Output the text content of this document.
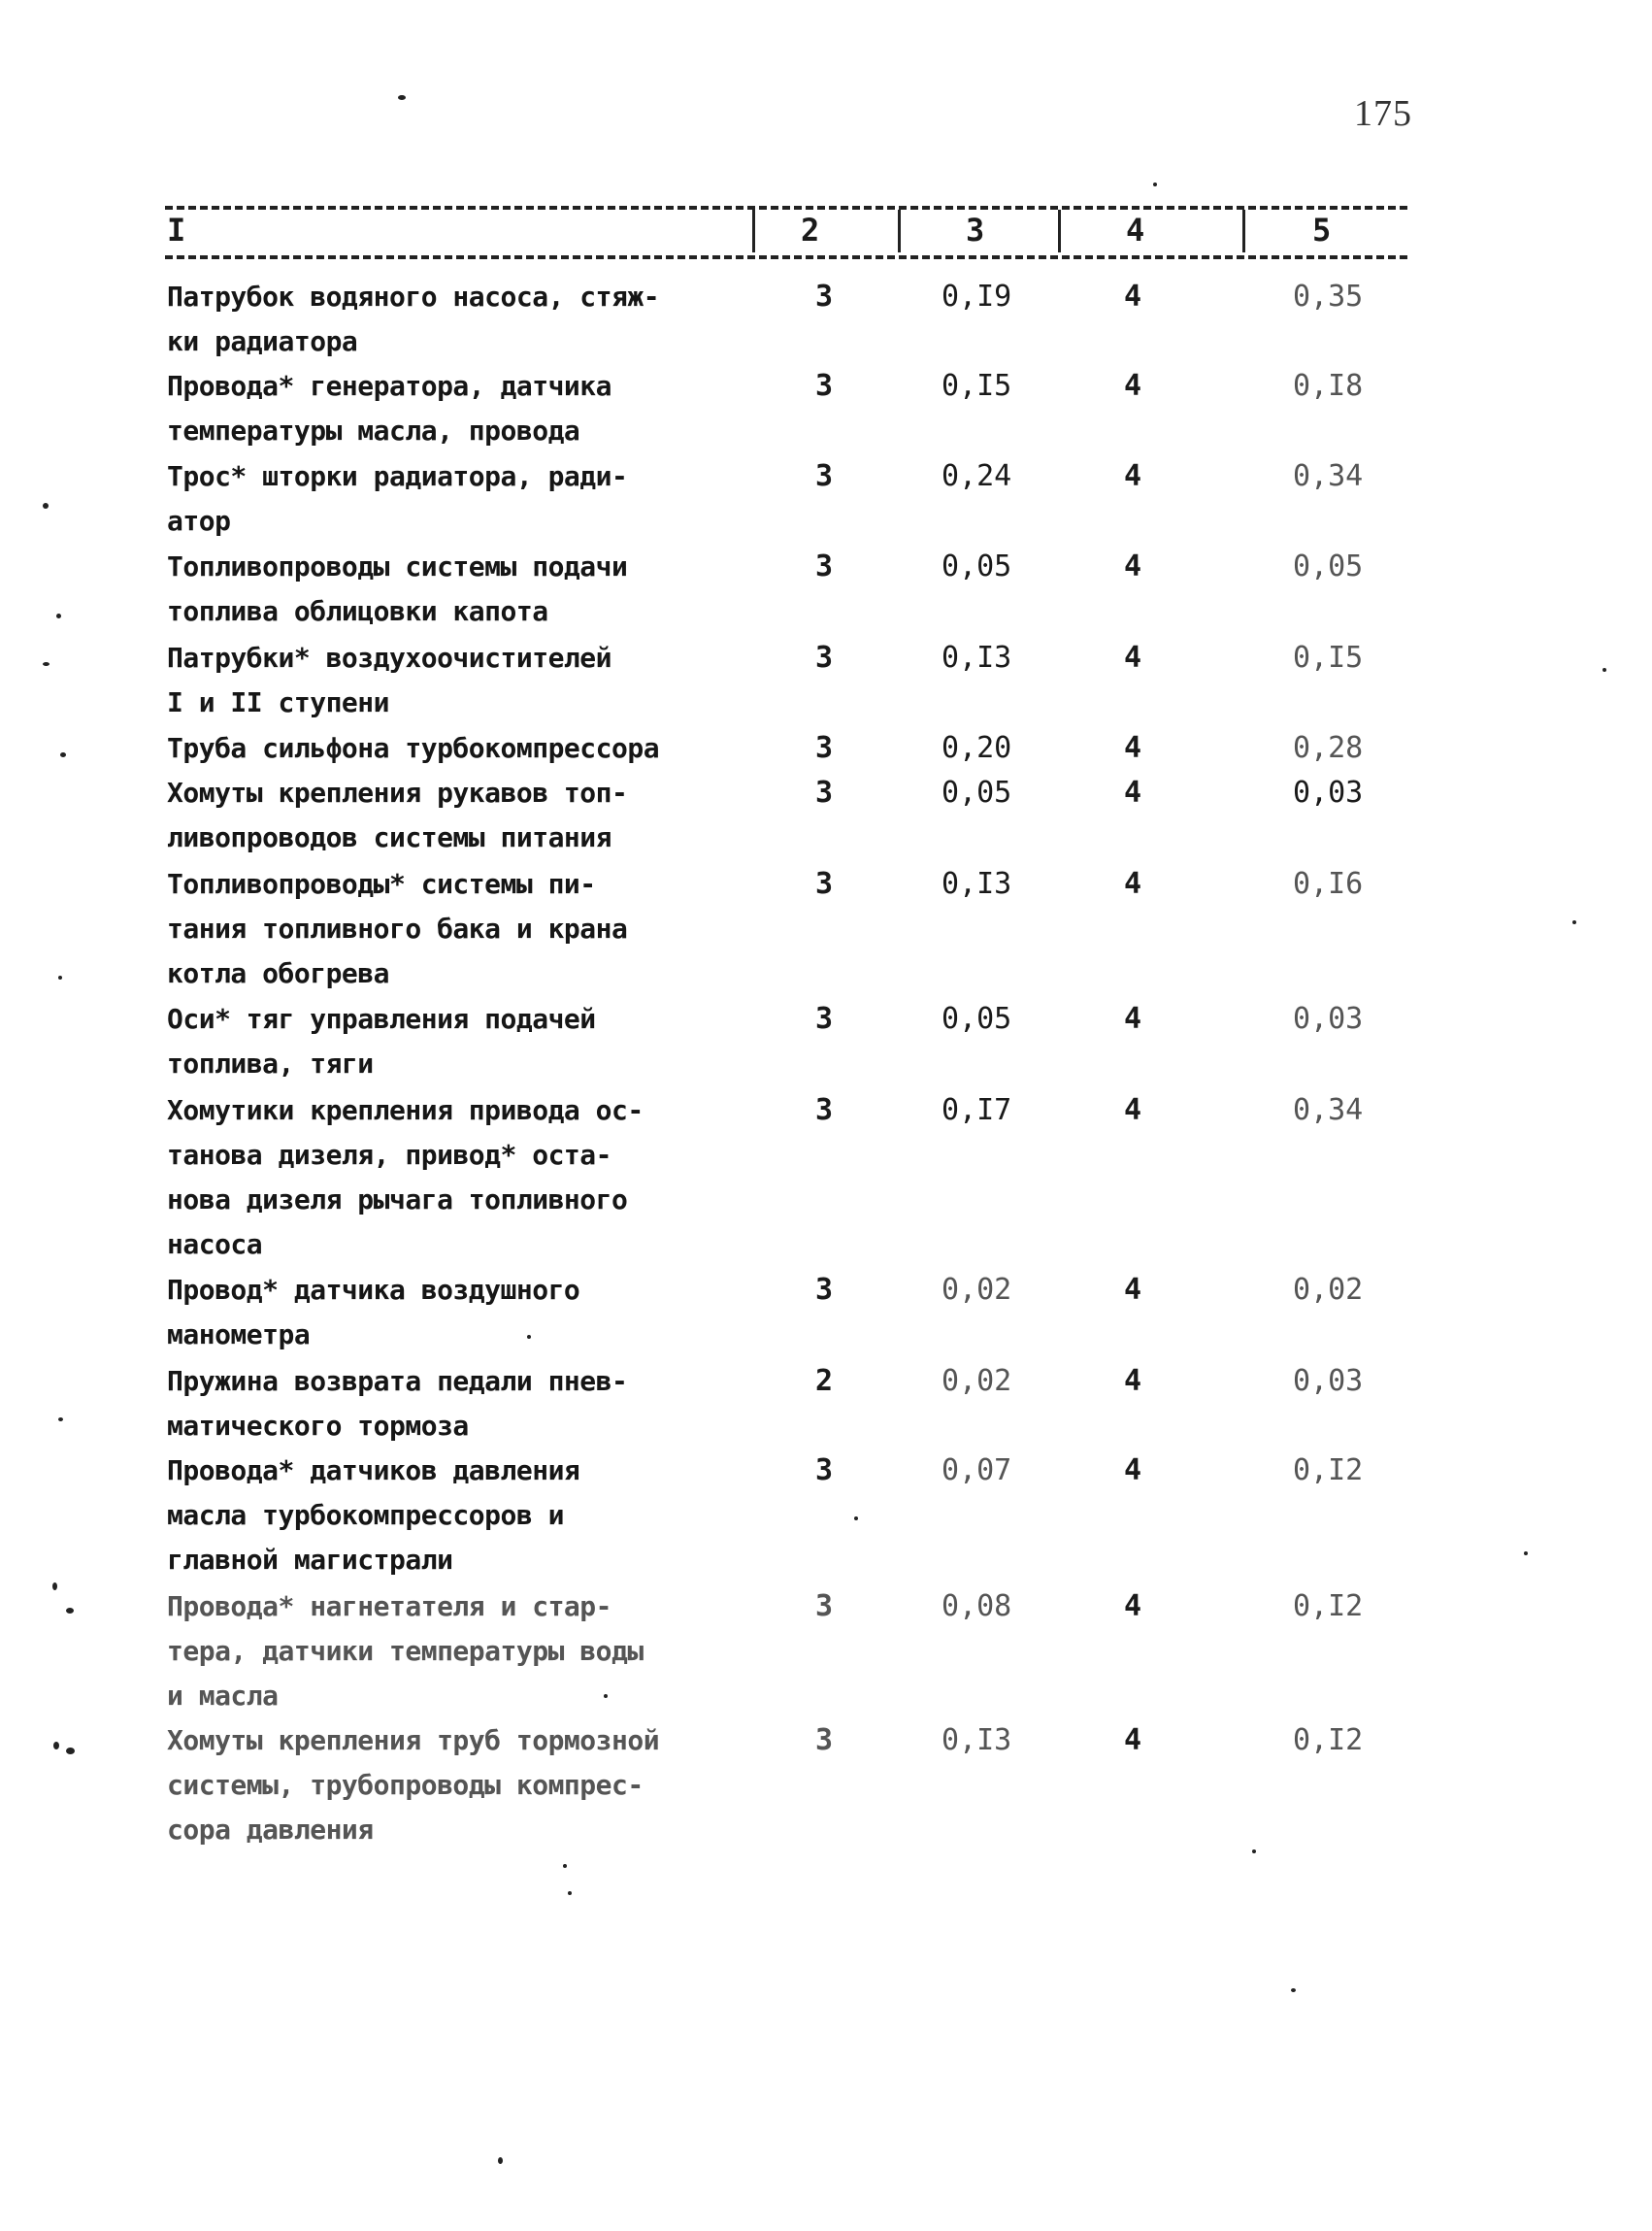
175
I	2	3	4	5
Патрубок водяного насоса, стяж-
ки радиатора
3	0,I9	4	0,35
Провода* генератора, датчика
температуры масла, провода
3	0,I5	4	0,I8
Трос* шторки радиатора, ради-
атор
3	0,24	4	0,34
Топливопроводы системы подачи
топлива облицовки капота
3	0,05	4	0,05
Патрубки* воздухоочистителей
I и II ступени
3	0,I3	4	0,I5
Труба сильфона турбокомпрессора	3	0,20	4	0,28
Хомуты крепления рукавов топ-
ливопроводов системы питания
3	0,05	4	0,03
Топливопроводы* системы пи-
тания топливного бака и крана
котла обогрева
3	0,I3	4	0,I6
Оси* тяг управления подачей
топлива, тяги
3	0,05	4	0,03
Хомутики крепления привода ос-
танова дизеля, привод* оста-
нова дизеля рычага топливного
насоса
3	0,I7	4	0,34
Провод* датчика воздушного
манометра
3	0,02	4	0,02
Пружина возврата педали пнев-
матического тормоза
2	0,02	4	0,03
Провода* датчиков давления
масла турбокомпрессоров и
главной магистрали
3	0,07	4	0,I2
Провода* нагнетателя и стар-
тера, датчики температуры воды
и масла
3	0,08	4	0,I2
Хомуты крепления труб тормозной
системы, трубопроводы компрес-
сора давления
3	0,I3	4	0,I2
